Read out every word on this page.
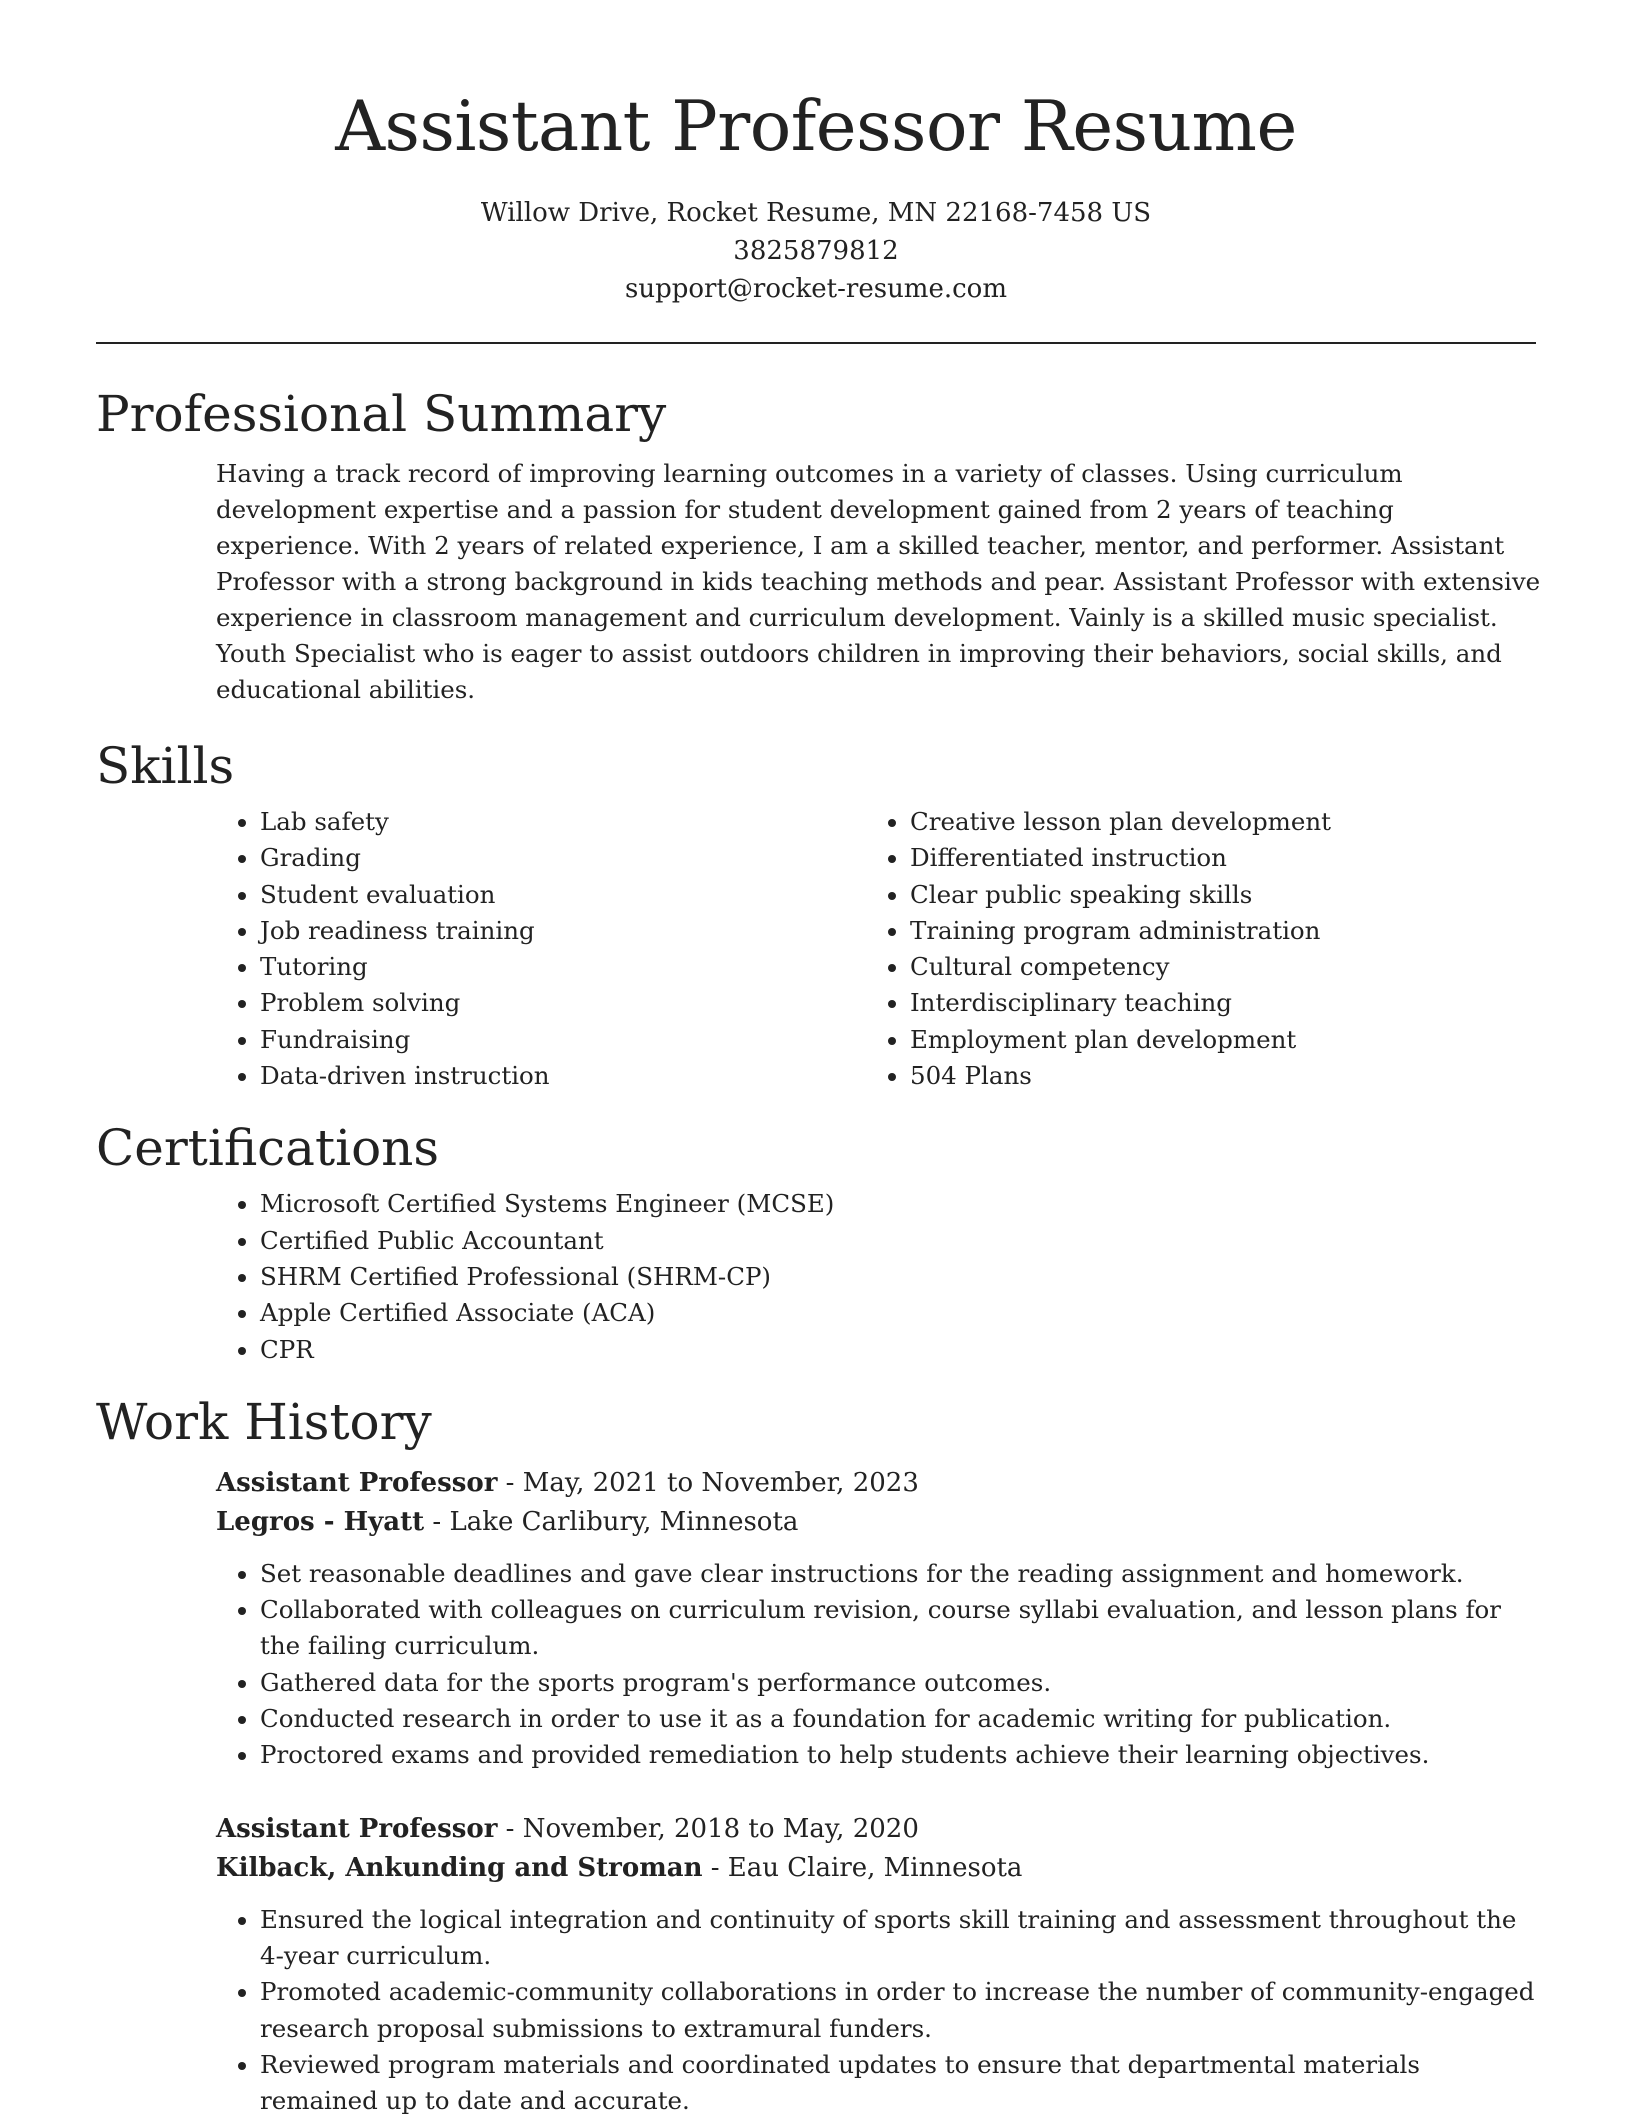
Assistant Professor Resume
Willow Drive, Rocket Resume, MN 22168-7458 US
3825879812
support@rocket-resume.com
Professional Summary

Having a track record of improving learning outcomes in a variety of classes. Using curriculum development expertise and a passion for student development gained from 2 years of teaching experience. With 2 years of related experience, I am a skilled teacher, mentor, and performer. Assistant Professor with a strong background in kids teaching methods and pear. Assistant Professor with extensive experience in classroom management and curriculum development. Vainly is a skilled music specialist. Youth Specialist who is eager to assist outdoors children in improving their behaviors, social skills, and educational abilities.

Skills
• Lab safety
• Grading
• Student evaluation
• Job readiness training
• Tutoring
• Problem solving
• Fundraising
• Data-driven instruction
• Creative lesson plan development
• Differentiated instruction
• Clear public speaking skills
• Training program administration
• Cultural competency
• Interdisciplinary teaching
• Employment plan development
• 504 Plans
Certifications
• Microsoft Certified Systems Engineer (MCSE)
• Certified Public Accountant
• SHRM Certified Professional (SHRM-CP)
• Apple Certified Associate (ACA)
• CPR
Work History
Assistant Professor - May, 2021 to November, 2023
Legros - Hyatt - Lake Carlibury, Minnesota
• Set reasonable deadlines and gave clear instructions for the reading assignment and homework.
• Collaborated with colleagues on curriculum revision, course syllabi evaluation, and lesson plans for the failing curriculum.
• Gathered data for the sports program's performance outcomes.
• Conducted research in order to use it as a foundation for academic writing for publication.
• Proctored exams and provided remediation to help students achieve their learning objectives.
Assistant Professor - November, 2018 to May, 2020
Kilback, Ankunding and Stroman - Eau Claire, Minnesota
• Ensured the logical integration and continuity of sports skill training and assessment throughout the 4-year curriculum.
• Promoted academic-community collaborations in order to increase the number of community-engaged research proposal submissions to extramural funders.
• Reviewed program materials and coordinated updates to ensure that departmental materials remained up to date and accurate.
